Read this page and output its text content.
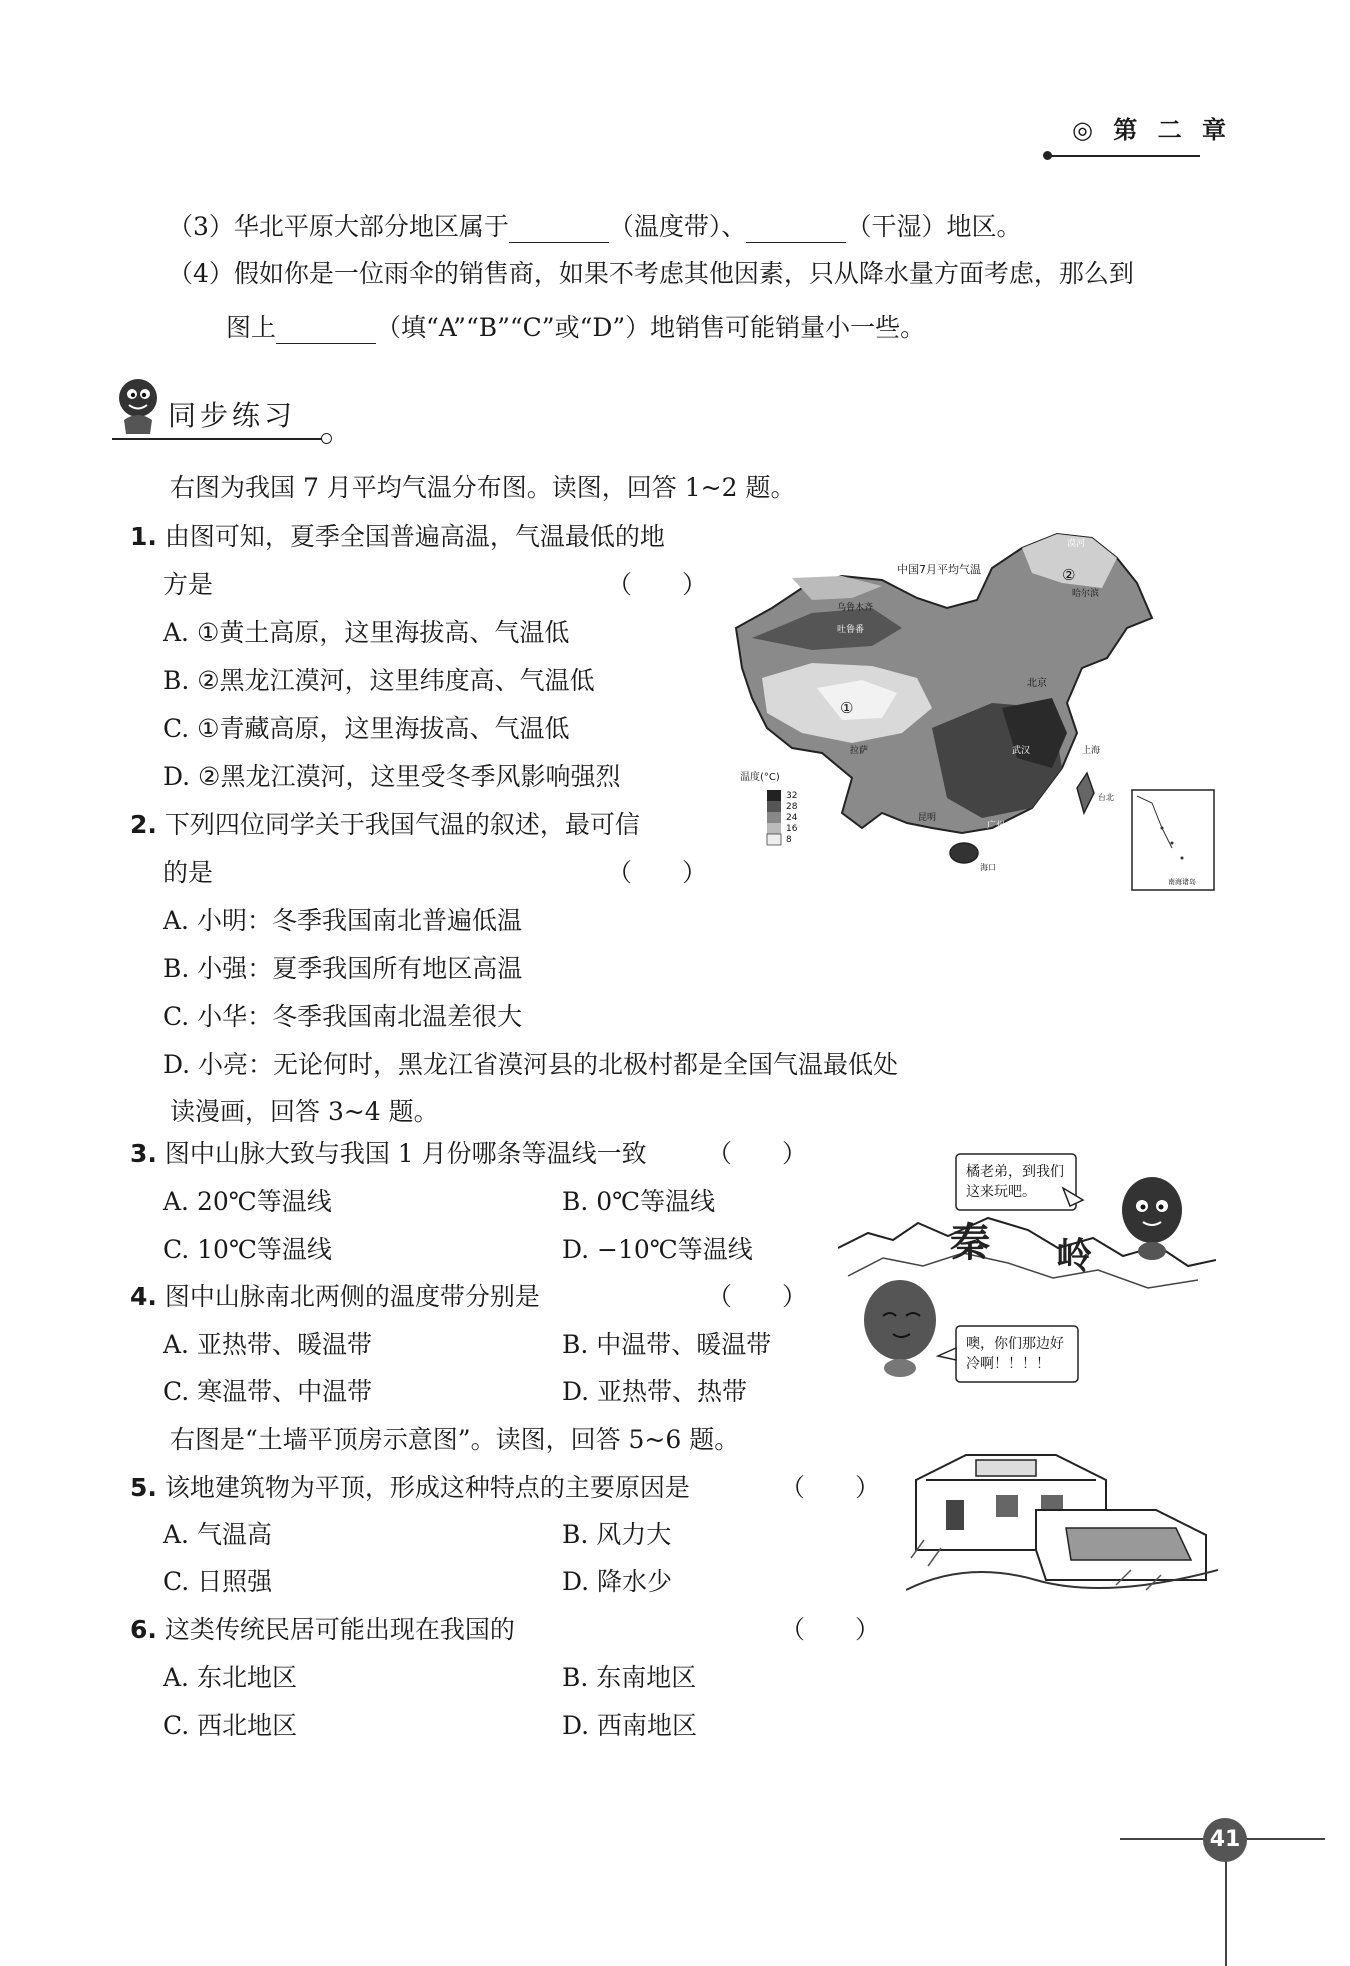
◎ 第 二 章
（3）华北平原大部分地区属于	（温度带）、	（干湿）地区。
（4）假如你是一位雨伞的销售商，如果不考虑其他因素，只从降水量方面考虑，那么到
图上	（填“A”“B”“C”或“D”）地销售可能销量小一些。
同步练习
右图为我国 7 月平均气温分布图。读图，回答 1~2 题。
1. 由图可知，夏季全国普遍高温，气温最低的地
方是	（　　）
A. ①黄土高原，这里海拔高、气温低
B. ②黑龙江漠河，这里纬度高、气温低
C. ①青藏高原，这里海拔高、气温低
D. ②黑龙江漠河，这里受冬季风影响强烈
2. 下列四位同学关于我国气温的叙述，最可信
的是	（　　）
A. 小明：冬季我国南北普遍低温
B. 小强：夏季我国所有地区高温
C. 小华：冬季我国南北温差很大
D. 小亮：无论何时，黑龙江省漠河县的北极村都是全国气温最低处
读漫画，回答 3~4 题。
3. 图中山脉大致与我国 1 月份哪条等温线一致 （　　）
A. 20℃等温线	B. 0℃等温线
C. 10℃等温线	D. −10℃等温线
4. 图中山脉南北两侧的温度带分别是	（　　）
A. 亚热带、暖温带	B. 中温带、暖温带
C. 寒温带、中温带	D. 亚热带、热带
右图是“土墙平顶房示意图”。读图，回答 5~6 题。
5. 该地建筑物为平顶，形成这种特点的主要原因是	（　　）
A. 气温高	B. 风力大
C. 日照强	D. 降水少
6. 这类传统民居可能出现在我国的	（　　）
A. 东北地区	B. 东南地区
C. 西北地区	D. 西南地区
中国7月平均气温
漠河
哈尔滨
②
乌鲁木齐
吐鲁番
①
北京
拉萨	武汉	上海
昆明
广州
台北
海口
温度(°C)
32
28
24
16
8
南海诸岛
橘老弟，到我们
这来玩吧。
秦 岭
噢，你们那边好
冷啊！！！！
41
